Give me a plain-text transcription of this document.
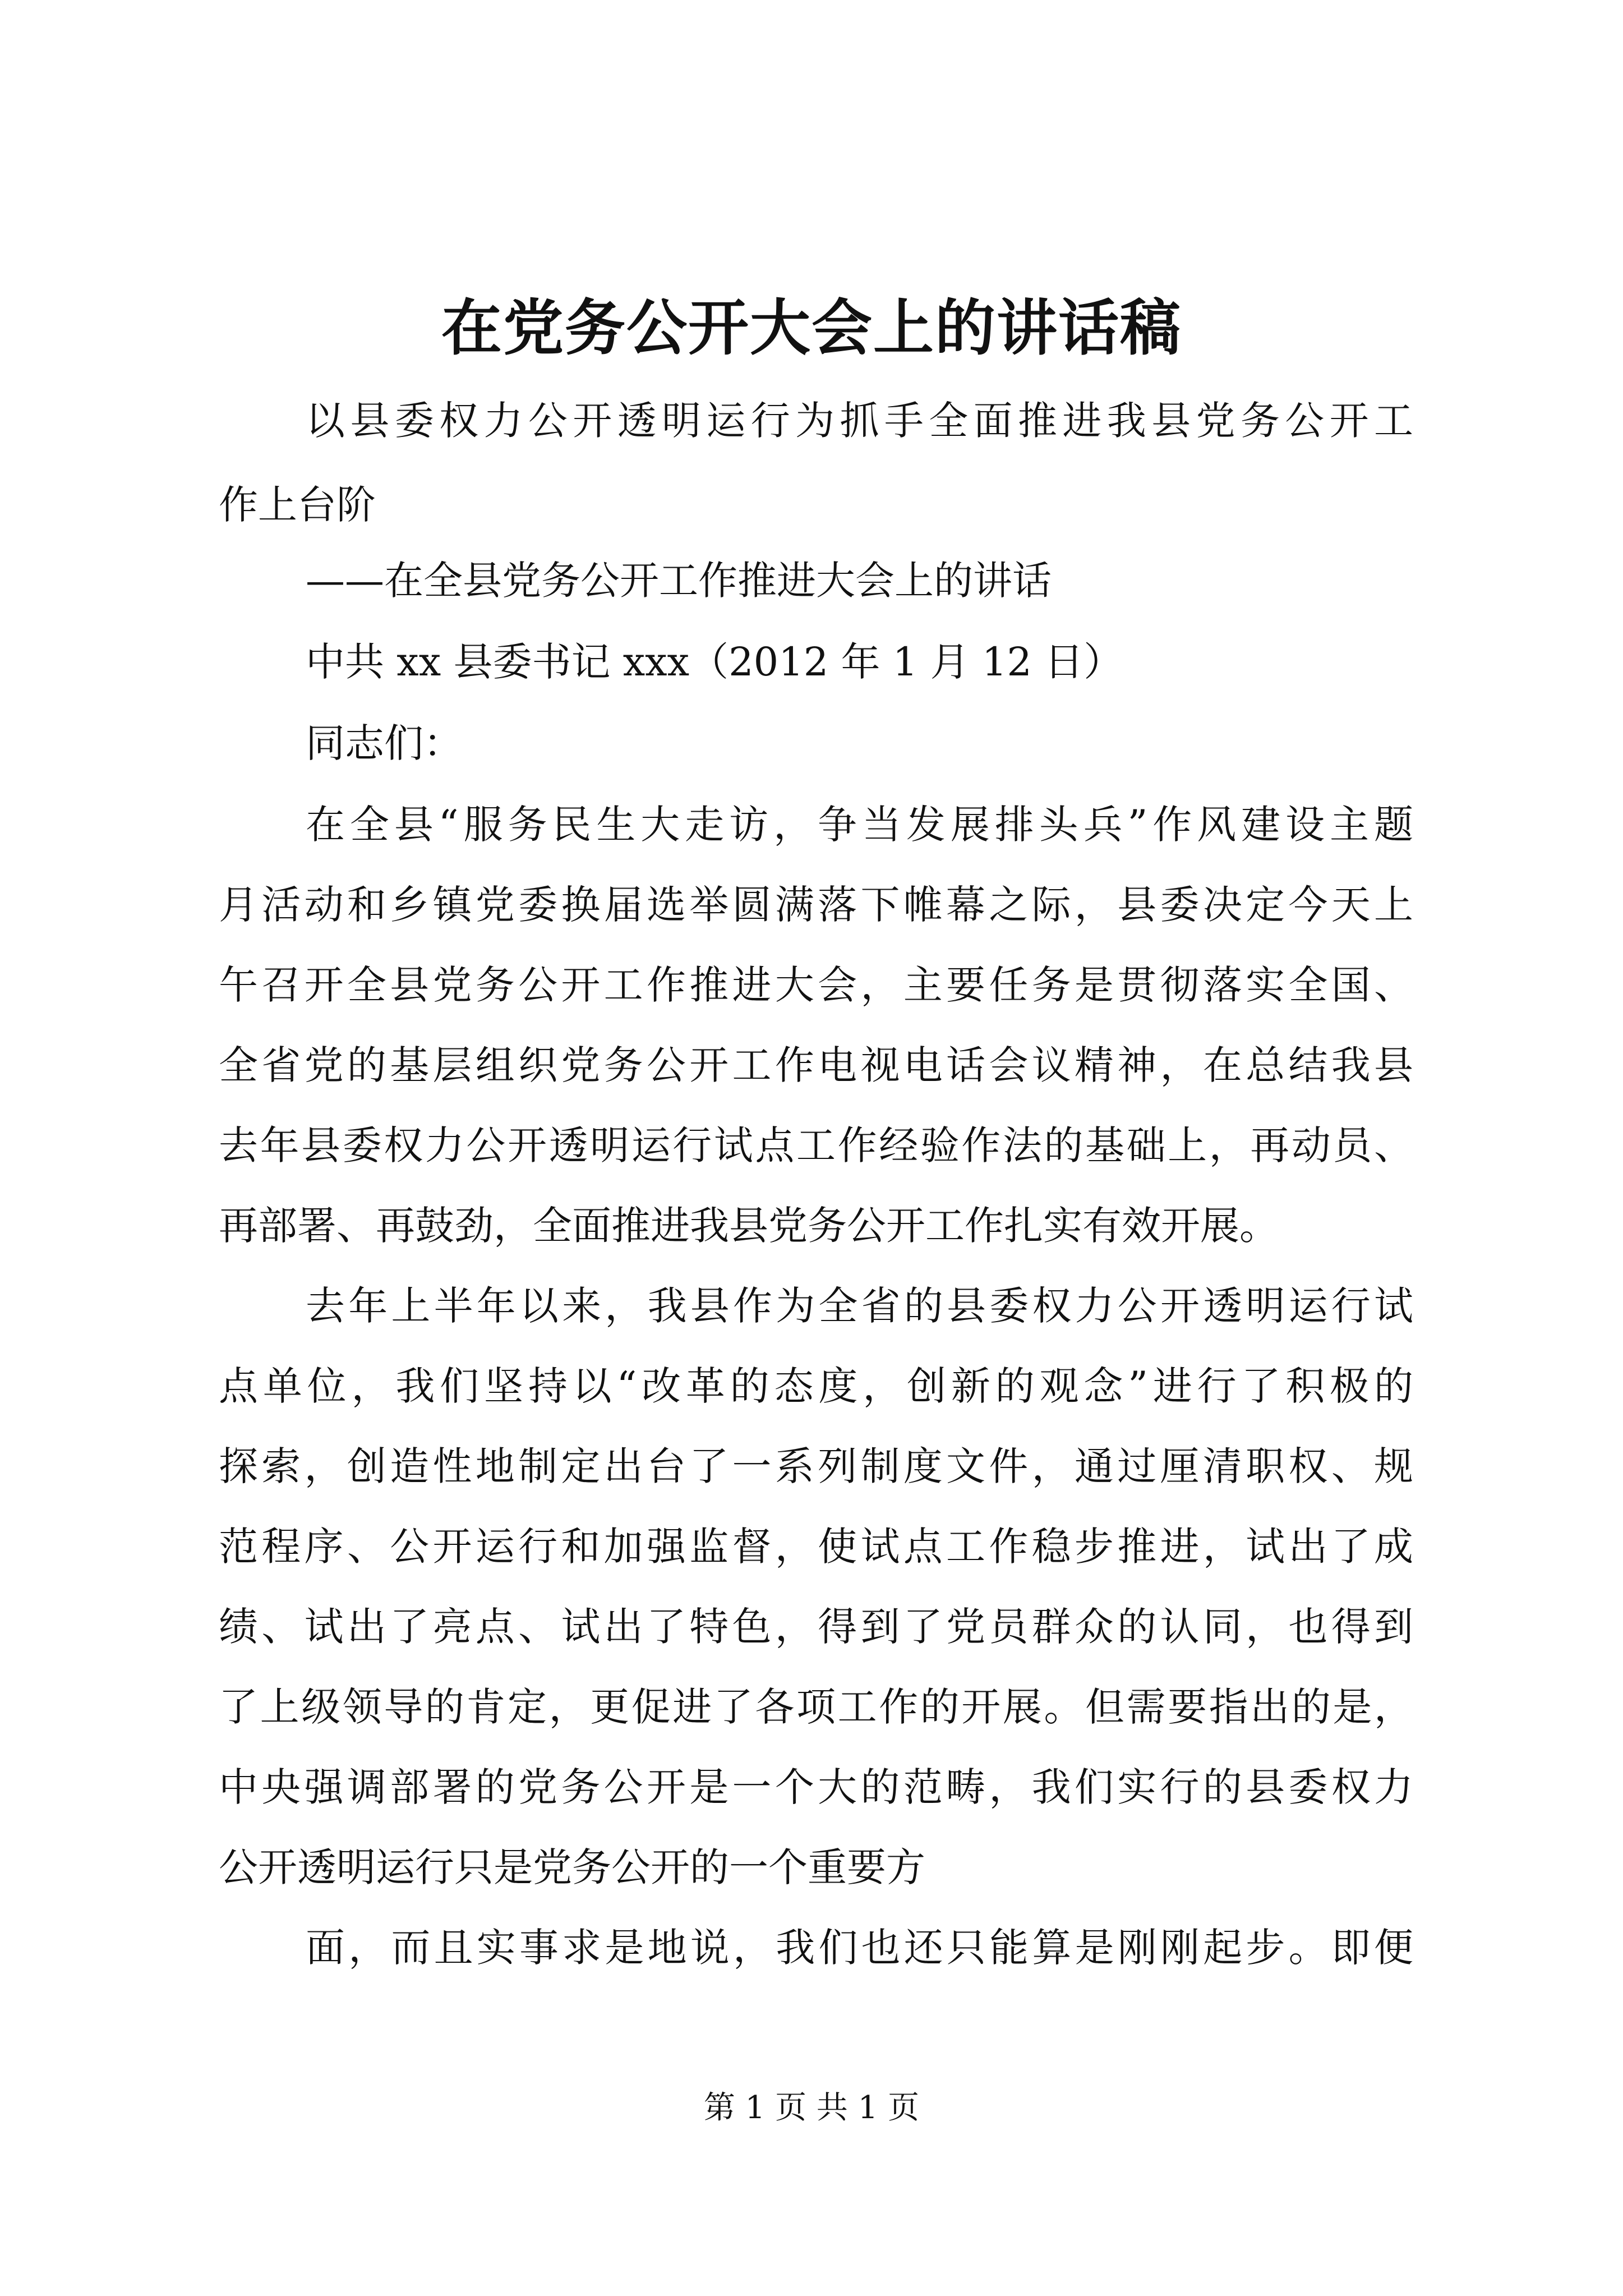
在党务公开大会上的讲话稿
以县委权力公开透明运行为抓手全面推进我县党务公开工
作上台阶
——在全县党务公开工作推进大会上的讲话
中共 xx 县委书记 xxx（2012 年 1 月 12 日）
同志们：
在全县“服务民生大走访，争当发展排头兵”作风建设主题
月活动和乡镇党委换届选举圆满落下帷幕之际，县委决定今天上
午召开全县党务公开工作推进大会，主要任务是贯彻落实全国、
全省党的基层组织党务公开工作电视电话会议精神，在总结我县
去年县委权力公开透明运行试点工作经验作法的基础上，再动员、
再部署、再鼓劲，全面推进我县党务公开工作扎实有效开展。
去年上半年以来，我县作为全省的县委权力公开透明运行试
点单位，我们坚持以“改革的态度，创新的观念”进行了积极的
探索，创造性地制定出台了一系列制度文件，通过厘清职权、规
范程序、公开运行和加强监督，使试点工作稳步推进，试出了成
绩、试出了亮点、试出了特色，得到了党员群众的认同，也得到
了上级领导的肯定，更促进了各项工作的开展。但需要指出的是，
中央强调部署的党务公开是一个大的范畴，我们实行的县委权力
公开透明运行只是党务公开的一个重要方
面，而且实事求是地说，我们也还只能算是刚刚起步。即便
第 1 页 共 1 页
